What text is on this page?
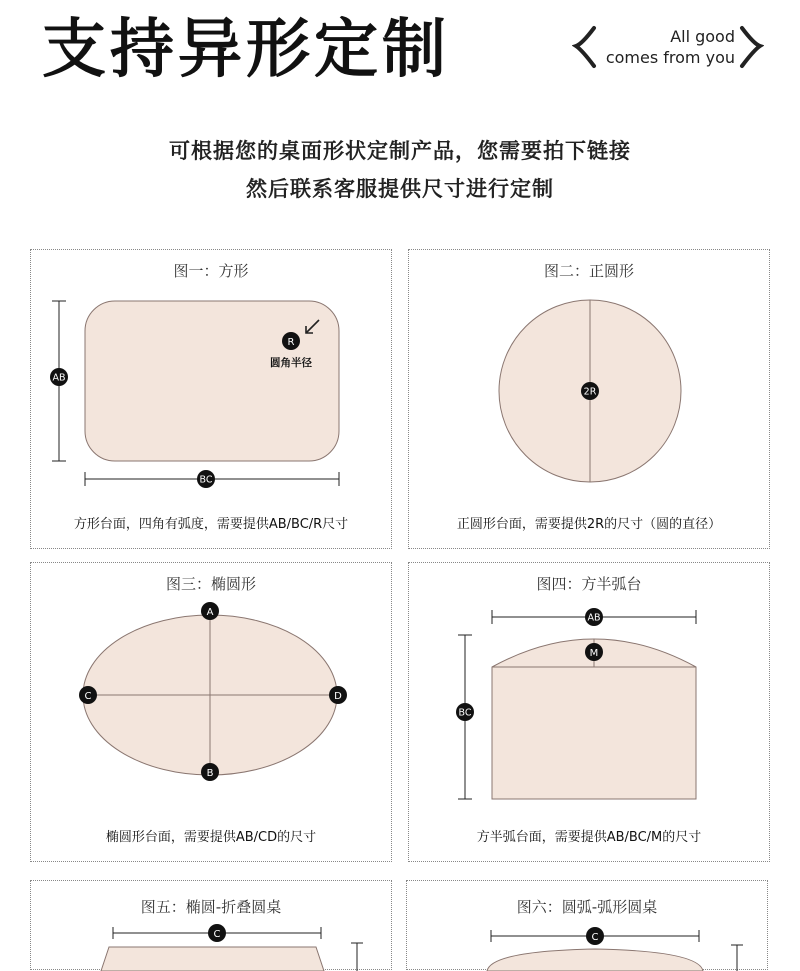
支持异形定制	All good
comes from you
可根据您的桌面形状定制产品，您需要拍下链接
然后联系客服提供尺寸进行定制
图一：方形
AB
BC
R
圆角半径
方形台面，四角有弧度，需要提供AB/BC/R尺寸
图二：正圆形
2R
正圆形台面，需要提供2R的尺寸（圆的直径）
图三：椭圆形
A
B
C	D
椭圆形台面，需要提供AB/CD的尺寸
图四：方半弧台
AB
M
BC
方半弧台面，需要提供AB/BC/M的尺寸
图五：椭圆-折叠圆桌
C
图六：圆弧-弧形圆桌
C
